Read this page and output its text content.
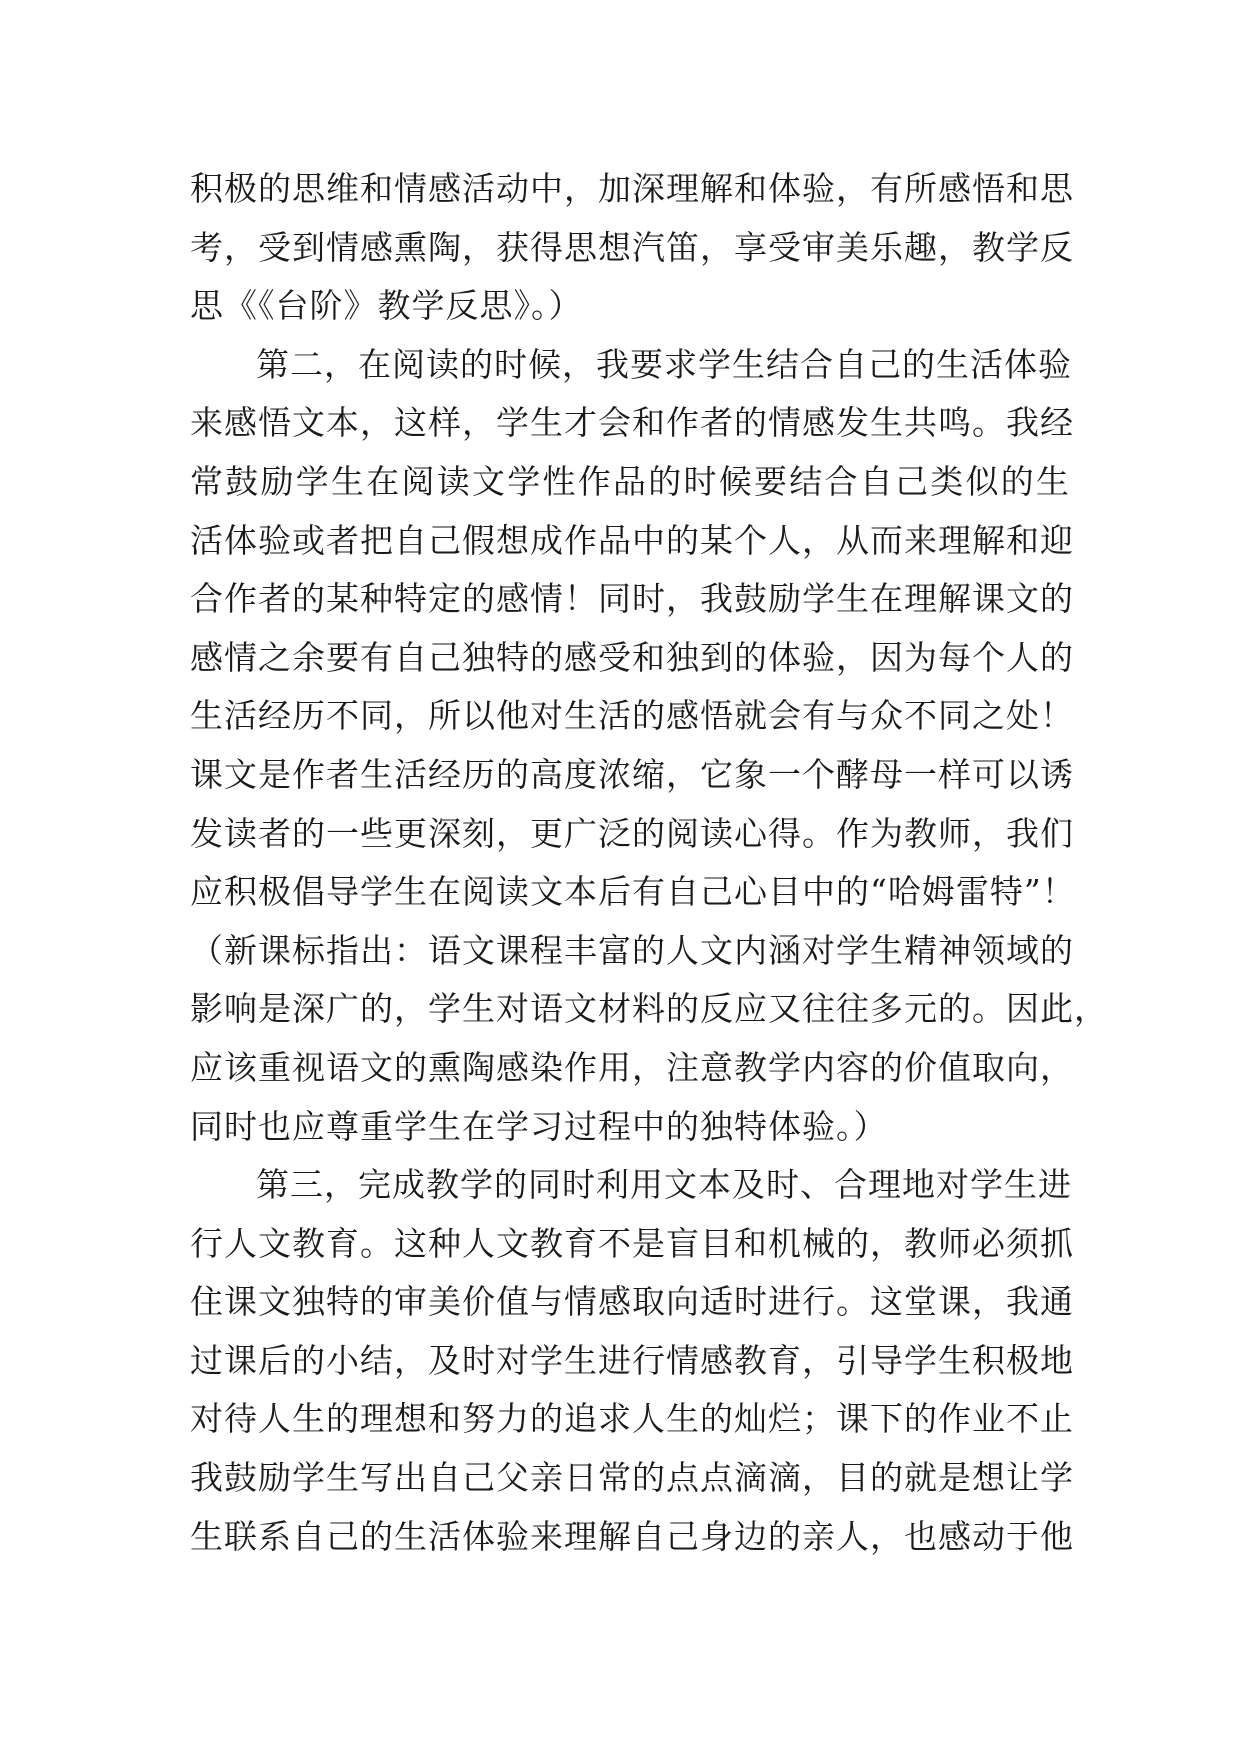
积极的思维和情感活动中，加深理解和体验，有所感悟和思
考，受到情感熏陶，获得思想汽笛，享受审美乐趣，教学反
思《《台阶》教学反思》。）
第二，在阅读的时候，我要求学生结合自己的生活体验
来感悟文本，这样，学生才会和作者的情感发生共鸣。我经
常鼓励学生在阅读文学性作品的时候要结合自己类似的生
活体验或者把自己假想成作品中的某个人，从而来理解和迎
合作者的某种特定的感情！同时，我鼓励学生在理解课文的
感情之余要有自己独特的感受和独到的体验，因为每个人的
生活经历不同，所以他对生活的感悟就会有与众不同之处！
课文是作者生活经历的高度浓缩，它象一个酵母一样可以诱
发读者的一些更深刻，更广泛的阅读心得。作为教师，我们
应积极倡导学生在阅读文本后有自己心目中的“哈姆雷特”！
（新课标指出：语文课程丰富的人文内涵对学生精神领域的
影响是深广的，学生对语文材料的反应又往往多元的。因此，
应该重视语文的熏陶感染作用，注意教学内容的价值取向，
同时也应尊重学生在学习过程中的独特体验。）
第三，完成教学的同时利用文本及时、合理地对学生进
行人文教育。这种人文教育不是盲目和机械的，教师必须抓
住课文独特的审美价值与情感取向适时进行。这堂课，我通
过课后的小结，及时对学生进行情感教育，引导学生积极地
对待人生的理想和努力的追求人生的灿烂；课下的作业不止
我鼓励学生写出自己父亲日常的点点滴滴，目的就是想让学
生联系自己的生活体验来理解自己身边的亲人，也感动于他
